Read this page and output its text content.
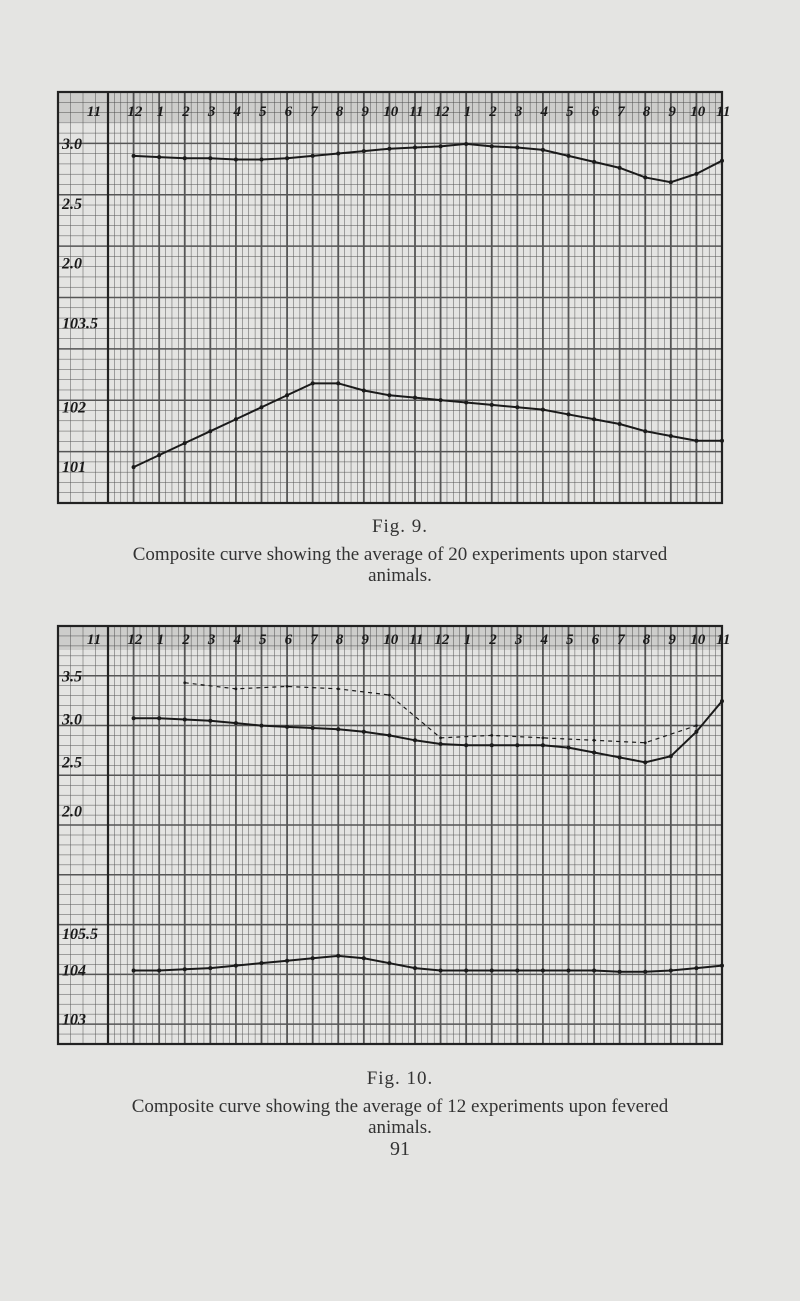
11 12 1 2 3 4 5 6 7 8 9 10 11 12 1 2 3 4 5 6 7 8 9 10 11
3.0
2.5
2.0
103.5
102
101
Fig. 9.
Composite curve showing the average of 20 experiments upon starved animals.
11 12 1 2 3 4 5 6 7 8 9 10 11 12 1 2 3 4 5 6 7 8 9 10 11
3.5
3.0
2.5
2.0
105.5
104
103
Fig. 10.
Composite curve showing the average of 12 experiments upon fevered animals.
91
